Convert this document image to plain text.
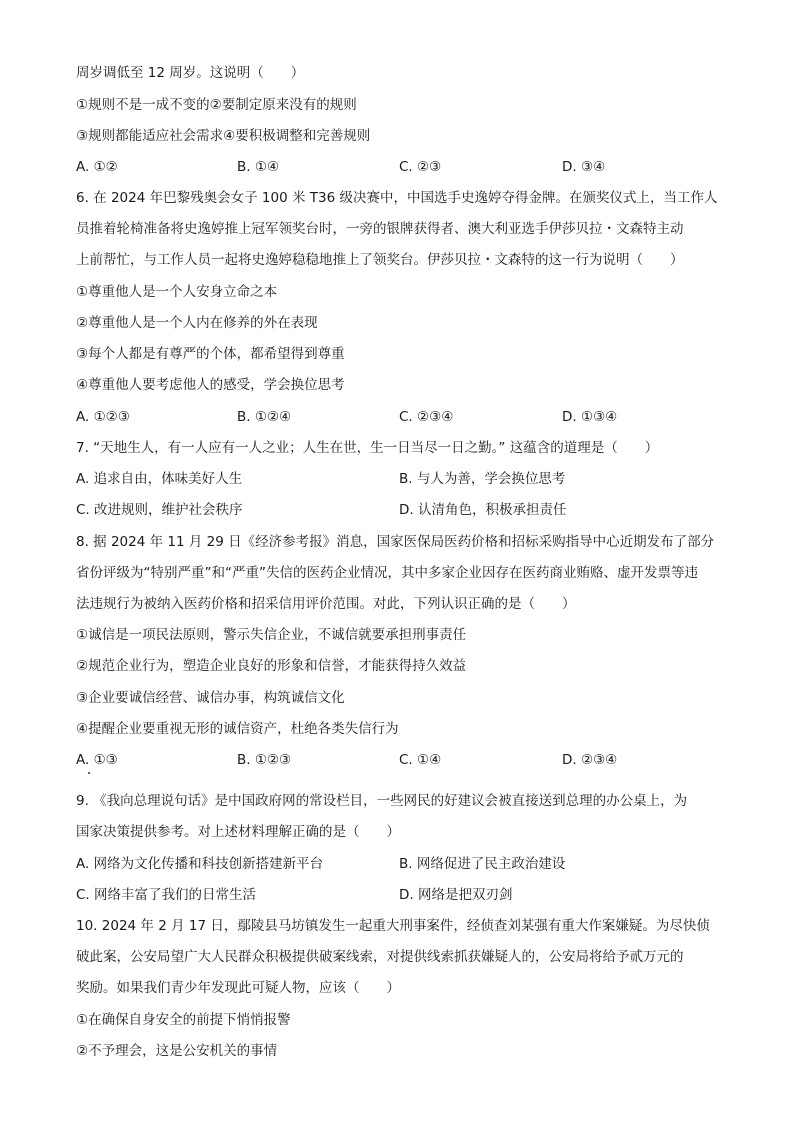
周岁调低至 12 周岁。这说明（　　）
①规则不是一成不变的②要制定原来没有的规则
③规则都能适应社会需求④要积极调整和完善规则
A. ①②	B. ①④	C. ②③	D. ③④
6. 在 2024 年巴黎残奥会女子 100 米 T36 级决赛中，中国选手史逸婷夺得金牌。在颁奖仪式上，当工作人
员推着轮椅准备将史逸婷推上冠军领奖台时，一旁的银牌获得者、澳大利亚选手伊莎贝拉・文森特主动
上前帮忙，与工作人员一起将史逸婷稳稳地推上了领奖台。伊莎贝拉・文森特的这一行为说明（　　）
①尊重他人是一个人安身立命之本
②尊重他人是一个人内在修养的外在表现
③每个人都是有尊严的个体，都希望得到尊重
④尊重他人要考虑他人的感受，学会换位思考
A. ①②③	B. ①②④	C. ②③④	D. ①③④
7. “天地生人，有一人应有一人之业；人生在世，生一日当尽一日之勤。” 这蕴含的道理是（　　）
A. 追求自由，体味美好人生	B. 与人为善，学会换位思考
C. 改进规则，维护社会秩序	D. 认清角色，积极承担责任
8. 据 2024 年 11 月 29 日《经济参考报》消息，国家医保局医药价格和招标采购指导中心近期发布了部分
省份评级为“特别严重”和“严重”失信的医药企业情况，其中多家企业因存在医药商业贿赂、虚开发票等违
法违规行为被纳入医药价格和招采信用评价范围。对此，下列认识正确的是（　　）
①诚信是一项民法原则，警示失信企业，不诚信就要承担刑事责任
②规范企业行为，塑造企业良好的形象和信誉，才能获得持久效益
③企业要诚信经营、诚信办事，构筑诚信文化
④提醒企业要重视无形的诚信资产，杜绝各类失信行为
A. ①③	B. ①②③	C. ①④	D. ②③④
9. 《我向总理说句话》是中国政府网的常设栏目，一些网民的好建议会被直接送到总理的办公桌上，为
国家决策提供参考。对上述材料理解正确的是（　　）
A. 网络为文化传播和科技创新搭建新平台	B. 网络促进了民主政治建设
C. 网络丰富了我们的日常生活	D. 网络是把双刃剑
10. 2024 年 2 月 17 日，鄢陵县马坊镇发生一起重大刑事案件，经侦查刘某强有重大作案嫌疑。为尽快侦
破此案，公安局望广大人民群众积极提供破案线索，对提供线索抓获嫌疑人的，公安局将给予贰万元的
奖励。如果我们青少年发现此可疑人物，应该（　　）
①在确保自身安全的前提下悄悄报警
②不予理会，这是公安机关的事情
